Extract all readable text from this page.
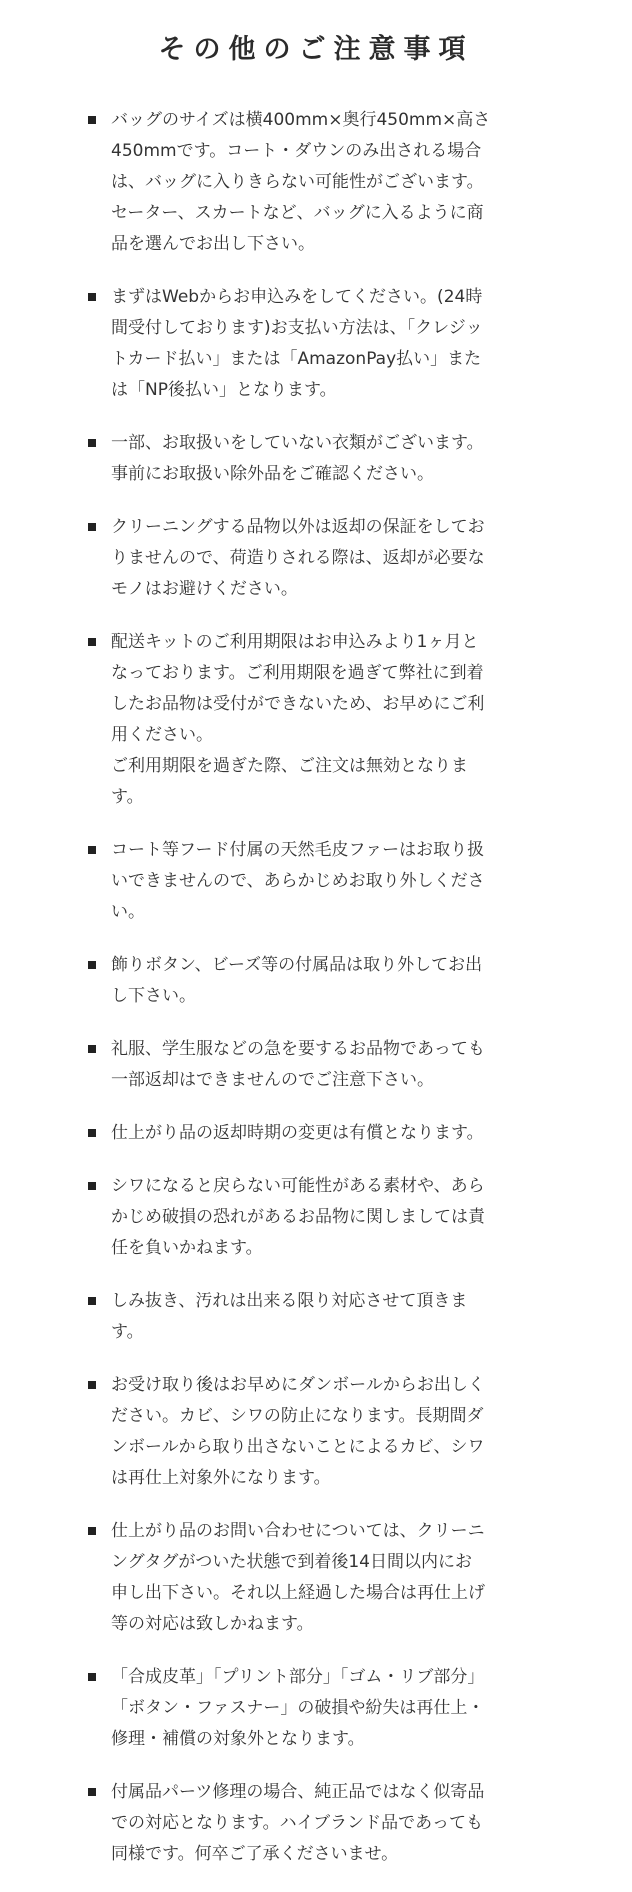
その他のご注意事項
バッグのサイズは横400mm×奥行450mm×高さ
450mmです。コート・ダウンのみ出される場合
は、バッグに入りきらない可能性がございます。
セーター、スカートなど、バッグに入るように商
品を選んでお出し下さい。
まずはWebからお申込みをしてください。(24時
間受付しております)お支払い方法は、「クレジッ
トカード払い」または「AmazonPay払い」また
は「NP後払い」となります。
一部、お取扱いをしていない衣類がございます。
事前にお取扱い除外品をご確認ください。
クリーニングする品物以外は返却の保証をしてお
りませんので、荷造りされる際は、返却が必要な
モノはお避けください。
配送キットのご利用期限はお申込みより1ヶ月と
なっております。ご利用期限を過ぎて弊社に到着
したお品物は受付ができないため、お早めにご利
用ください。
ご利用期限を過ぎた際、ご注文は無効となりま
す。
コート等フード付属の天然毛皮ファーはお取り扱
いできませんので、あらかじめお取り外しくださ
い。
飾りボタン、ビーズ等の付属品は取り外してお出
し下さい。
礼服、学生服などの急を要するお品物であっても
一部返却はできませんのでご注意下さい。
仕上がり品の返却時期の変更は有償となります。
シワになると戻らない可能性がある素材や、あら
かじめ破損の恐れがあるお品物に関しましては責
任を負いかねます。
しみ抜き、汚れは出来る限り対応させて頂きま
す。
お受け取り後はお早めにダンボールからお出しく
ださい。カビ、シワの防止になります。長期間ダ
ンボールから取り出さないことによるカビ、シワ
は再仕上対象外になります。
仕上がり品のお問い合わせについては、クリーニ
ングタグがついた状態で到着後14日間以内にお
申し出下さい。それ以上経過した場合は再仕上げ
等の対応は致しかねます。
「合成皮革」「プリント部分」「ゴム・リブ部分」
「ボタン・ファスナー」の破損や紛失は再仕上・
修理・補償の対象外となります。
付属品パーツ修理の場合、純正品ではなく似寄品
での対応となります。ハイブランド品であっても
同様です。何卒ご了承くださいませ。
